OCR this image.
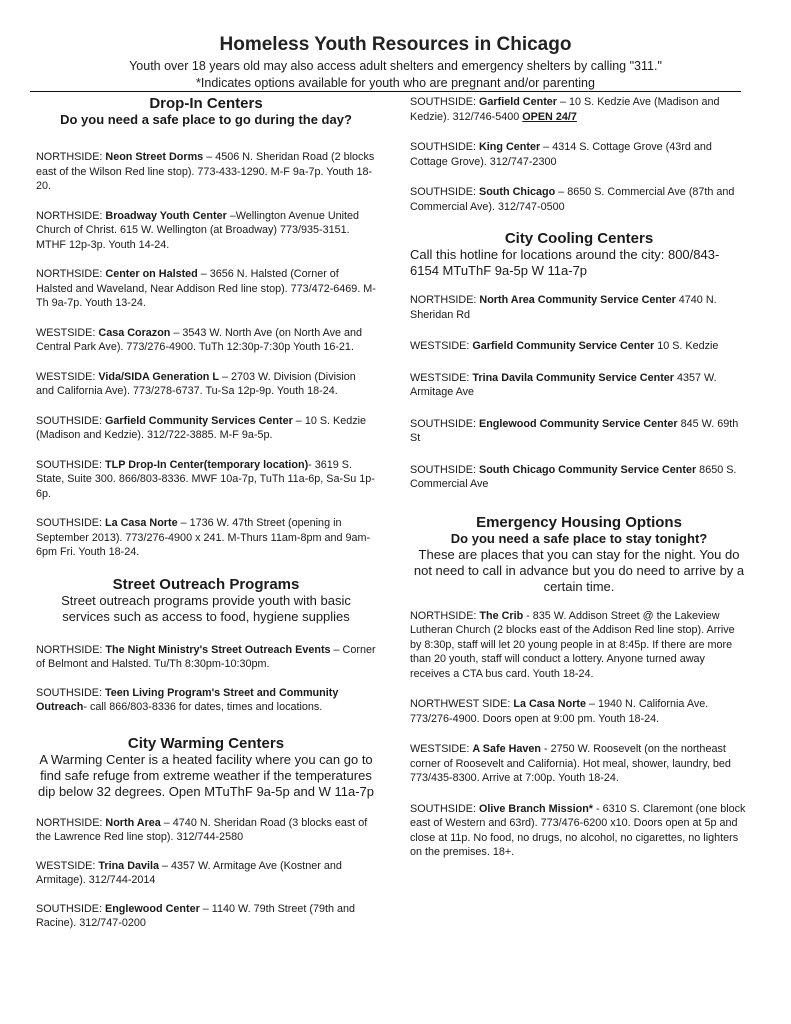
Homeless Youth Resources in Chicago

Youth over 18 years old may also access adult shelters and emergency shelters by calling "311."

*Indicates options available for youth who are pregnant and/or parenting

Drop-In Centers

Do you need a safe place to go during the day?

NORTHSIDE: Neon Street Dorms – 4506 N. Sheridan Road (2 blocks east of the Wilson Red line stop). 773-433-1290. M-F 9a-7p. Youth 18-20.

NORTHSIDE: Broadway Youth Center –Wellington Avenue United Church of Christ. 615 W. Wellington (at Broadway) 773/935-3151. MTHF 12p-3p. Youth 14-24.

NORTHSIDE: Center on Halsted – 3656 N. Halsted (Corner of Halsted and Waveland, Near Addison Red line stop). 773/472-6469. M-Th 9a-7p. Youth 13-24.

WESTSIDE: Casa Corazon – 3543 W. North Ave (on North Ave and Central Park Ave). 773/276-4900. TuTh 12:30p-7:30p Youth 16-21.

WESTSIDE: Vida/SIDA Generation L – 2703 W. Division (Division and California Ave). 773/278-6737. Tu-Sa 12p-9p. Youth 18-24.

SOUTHSIDE: Garfield Community Services Center – 10 S. Kedzie (Madison and Kedzie). 312/722-3885. M-F 9a-5p.

SOUTHSIDE: TLP Drop-In Center(temporary location)- 3619 S. State, Suite 300. 866/803-8336. MWF 10a-7p, TuTh 11a-6p, Sa-Su 1p-6p.

SOUTHSIDE: La Casa Norte – 1736 W. 47th Street (opening in September 2013). 773/276-4900 x 241. M-Thurs 11am-8pm and 9am-6pm Fri. Youth 18-24.

Street Outreach Programs

Street outreach programs provide youth with basic services such as access to food, hygiene supplies

NORTHSIDE: The Night Ministry's Street Outreach Events – Corner of Belmont and Halsted. Tu/Th 8:30pm-10:30pm.

SOUTHSIDE: Teen Living Program's Street and Community Outreach- call 866/803-8336 for dates, times and locations.

City Warming Centers

A Warming Center is a heated facility where you can go to find safe refuge from extreme weather if the temperatures dip below 32 degrees. Open MTuThF 9a-5p and W 11a-7p

NORTHSIDE: North Area – 4740 N. Sheridan Road (3 blocks east of the Lawrence Red line stop). 312/744-2580

WESTSIDE: Trina Davila – 4357 W. Armitage Ave (Kostner and Armitage). 312/744-2014

SOUTHSIDE: Englewood Center – 1140 W. 79th Street (79th and Racine). 312/747-0200

SOUTHSIDE: Garfield Center – 10 S. Kedzie Ave (Madison and Kedzie). 312/746-5400 OPEN 24/7

SOUTHSIDE: King Center – 4314 S. Cottage Grove (43rd and Cottage Grove). 312/747-2300

SOUTHSIDE: South Chicago – 8650 S. Commercial Ave (87th and Commercial Ave). 312/747-0500

City Cooling Centers

Call this hotline for locations around the city: 800/843-6154 MTuThF 9a-5p W 11a-7p

NORTHSIDE: North Area Community Service Center 4740 N. Sheridan Rd

WESTSIDE: Garfield Community Service Center 10 S. Kedzie

WESTSIDE: Trina Davila Community Service Center 4357 W. Armitage Ave

SOUTHSIDE: Englewood Community Service Center 845 W. 69th St

SOUTHSIDE: South Chicago Community Service Center 8650 S. Commercial Ave

Emergency Housing Options

Do you need a safe place to stay tonight?

These are places that you can stay for the night. You do not need to call in advance but you do need to arrive by a certain time.

NORTHSIDE: The Crib - 835 W. Addison Street @ the Lakeview Lutheran Church (2 blocks east of the Addison Red line stop). Arrive by 8:30p, staff will let 20 young people in at 8:45p. If there are more than 20 youth, staff will conduct a lottery. Anyone turned away receives a CTA bus card. Youth 18-24.

NORTHWEST SIDE: La Casa Norte – 1940 N. California Ave. 773/276-4900. Doors open at 9:00 pm. Youth 18-24.

WESTSIDE: A Safe Haven - 2750 W. Roosevelt (on the northeast corner of Roosevelt and California). Hot meal, shower, laundry, bed 773/435-8300. Arrive at 7:00p. Youth 18-24.

SOUTHSIDE: Olive Branch Mission* - 6310 S. Claremont (one block east of Western and 63rd). 773/476-6200 x10. Doors open at 5p and close at 11p. No food, no drugs, no alcohol, no cigarettes, no lighters on the premises. 18+.
